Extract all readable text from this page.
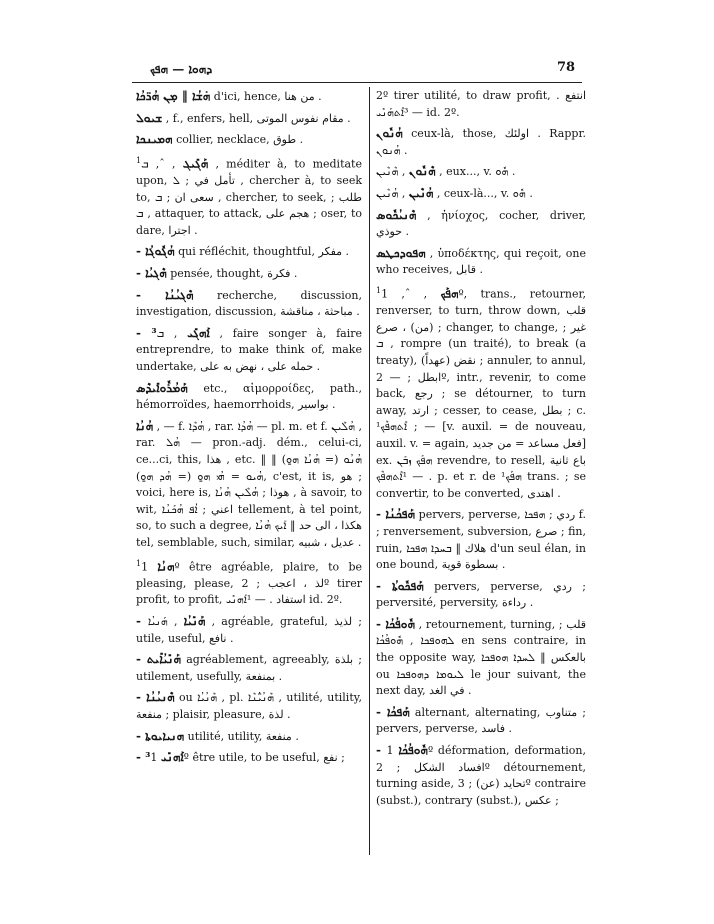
ܕܗܘܐ — ܗܦܟ	78

ܗ̇ܫܳܐ ‖ ܡ̣ܢ ܗܳܪ̈ܟܳܐ d'ici, hence, من هنا .

ܫܝܘܠ , f., enfers, hell, مقام نفوس الموتى .

ܗܡܝܢܟܐ collier, necklace, طوق .

$^1$	ܗܰܓܺܝܓ , ˆ, ܒ , méditer à, to meditate upon, تأمل في ; ܠ , chercher à, to seek to, سعى ان ; ܒ , chercher, to seek, طلب ; ܒ , attaquer, to attack, هجم على ; oser, to dare, اجترا .

- ܗܳܓܽܘܓܳܐ qui réfléchit, thoughtful, مفكر .

- ܗܶܓܝܳܐ pensée, thought, فكرة .

- ܗܶܓܝܳܢܳܐ recherche, discussion, investigation, discussion, مباحثة ، مناقشة .

- ³ܐܰܗܓܺܝ , ܒ , faire songer à, faire entreprendre, to make think of, make undertake, حمله على ، نهض به على .

ܗܰܡܳܪܽܘܐܺܝܕܶܣ etc., αἱμορροίδες, path., hémorroïdes, haemorrhoids, بواسير .

ܗܳܢܳܐ , — f. ܗܳܕܶܐ , rar. ܗܳܕܳܐ — pl. m. et f. ܗܳܠܶܝܢ , rar. ܗܳܠ — pron.-adj. dém., celui-ci, ce...ci, this, هذا , etc. ‖ ܗܳܢܳܘ (= ܗܳܢܳܐ ܗ̱ܘ) ‖ ܗܳܝܘ = ܗܳܝ ܗ̱ܘ (= ܗܳܕ ܗ̱ܘ), c'est, it is, هو ; voici, here is, هوذا ; ܗܳܠܶܝܢ ܗܳܢܳܐ , à savoir, to wit, اعني ; ܐܳܦ ܗܳܟܰܢܳܐ tellement, à tel point, so, to such a degree, هكذا ، الى حد ‖ ܐܰܝܟ ܗܳܢܳܐ tel, semblable, such, similar, عديل ، شبيه .

$^1$ ܗܢܳܐ 1º être agréable, plaire, to be pleasing, please, لذ ، اعجب ; 2º tirer profit, to profit, استفاد . — ¹ܐܰܗܢܺܝ id. 2º.

- ܗܰܢܺܝܳܐ , ܗܰܢܝܳܐ , agréable, grateful, لذيذ ; utile, useful, نافع .

- ܗܰܢܺܝܳܐܺܝܬ agréablement, agreeably, بلذة ; utilement, usefully, بمنفعة .

- ܗܶܢܝܳܢܳܐ ou ܗܶܢܳܝܳܐ , pl. ܗܶܢܳܝ̈ܳܢܶܐ , utilité, utility, منفعة ; plaisir, pleasure, لذة .

- ܗܢܝܐܝܘܬܐ utilité, utility, منفعة .

- ³ܐܰܗܢܺܝ 1º être utile, to be useful, نفع ;

2º tirer utilité, to draw profit, انتفع . — ³ܐܶܬܗܰܢܺܝ id. 2º.

ܗܳܢܽܘܢ ceux-là, those, اولئك . Rappr. ܗܳܢܘܢ .

ܗܶܢܽܘܢ , ܗܶܢܶܝܢ , eux..., v. ܗܽܘ .

ܗܳܢܶܝܢ , ܗܳܢܶܝܢ , ceux-là..., v. ܗܽܘ .

ܗܶܢܝܳܟܽܘܣ , ἡνίοχος, cocher, driver, حوذي .

ܗܦܘܕܟܛܣ , ὑποδέκτης, qui reçoit, one who receives, قابل .

$^1$	ܗܦܰܟ , ˆ, 1º, trans., retourner, renverser, to turn, throw down, قلب (من) ، صرع ; changer, to change, غير ; ܒ , rompre (un traité), to break (a treaty), نقض (عهداً) ; annuler, to annul, ابطل ; — 2º, intr., revenir, to come back, رجع ; se détourner, to turn away, ارتد ; cesser, to cease, بطل ; c. ¹ܐܶܬܗܦܶܟ ; — [v. auxil. = de nouveau, auxil. v. = again, فعل مساعد = من جديد] ex. ܗܦܰܟ ܙܒܰܢ revendre, to resell, باع ثانية . — ¹ܐܶܬܗܦܶܟ p. et r. de ¹ܗܦܰܟ trans. ; se convertir, to be converted, اهتدى .

- ܗܰܦܟܳܢܳܐ pervers, perverse, ردي ; ܗܦܟܐ f. ; renversement, subversion, صرع ; fin, ruin, هلاك ‖ ܒܚܕܐ ܗܦܟܐ d'un seul élan, in one bound, بسطوة قوية .

- ܗܰܦܟܽܘܬܳܐ pervers, perverse, ردي ; perversité, perversity, رداءة .

- ܗܽܘܦܳܟܳܐ , retournement, turning, قلب ; ܠܗܘܦܟܐ , ܗܽܘܦܳܟܳܐ en sens contraire, in the opposite way, بالعكس ‖ ܠܚܕܐ ܗܘܦܟܐ ou ܠܝܘܡܐ ܕܗܘܦܟܐ le jour suivant, the next day, في الغد .

- ܗܰܦܟܳܐ alternant, alternating, متناوب ; pervers, perverse, فاسد .

- ܗܽܘܦܳܟܳܐ 1º déformation, deformation, افساد الشكل ; 2º détournement, turning aside, تحايد (عن) ; 3º contraire (subst.), contrary (subst.), عكس ;
